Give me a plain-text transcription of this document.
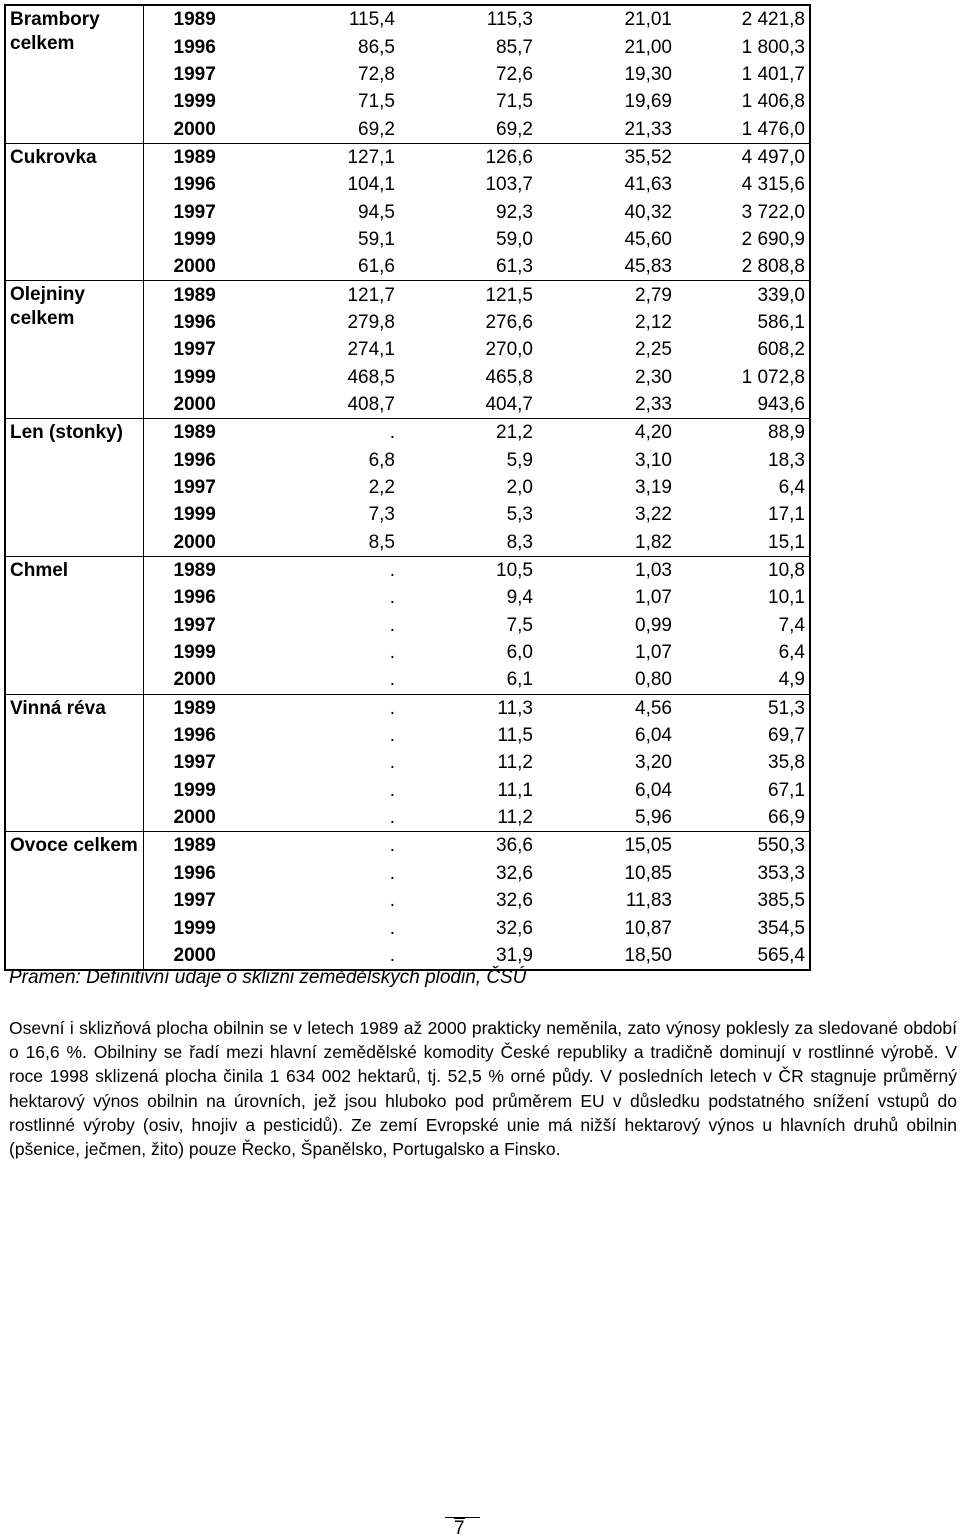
Brambory celkem	1989	115,4	115,3	21,01	2 421,8
	1996	86,5	85,7	21,00	1 800,3
	1997	72,8	72,6	19,30	1 401,7
	1999	71,5	71,5	19,69	1 406,8
	2000	69,2	69,2	21,33	1 476,0
Cukrovka	1989	127,1	126,6	35,52	4 497,0
	1996	104,1	103,7	41,63	4 315,6
	1997	94,5	92,3	40,32	3 722,0
	1999	59,1	59,0	45,60	2 690,9
	2000	61,6	61,3	45,83	2 808,8
Olejniny celkem	1989	121,7	121,5	2,79	339,0
	1996	279,8	276,6	2,12	586,1
	1997	274,1	270,0	2,25	608,2
	1999	468,5	465,8	2,30	1 072,8
	2000	408,7	404,7	2,33	943,6
Len (stonky)	1989	.	21,2	4,20	88,9
	1996	6,8	5,9	3,10	18,3
	1997	2,2	2,0	3,19	6,4
	1999	7,3	5,3	3,22	17,1
	2000	8,5	8,3	1,82	15,1
Chmel	1989	.	10,5	1,03	10,8
	1996	.	9,4	1,07	10,1
	1997	.	7,5	0,99	7,4
	1999	.	6,0	1,07	6,4
	2000	.	6,1	0,80	4,9
Vinná réva	1989	.	11,3	4,56	51,3
	1996	.	11,5	6,04	69,7
	1997	.	11,2	3,20	35,8
	1999	.	11,1	6,04	67,1
	2000	.	11,2	5,96	66,9
Ovoce celkem	1989	.	36,6	15,05	550,3
	1996	.	32,6	10,85	353,3
	1997	.	32,6	11,83	385,5
	1999	.	32,6	10,87	354,5
	2000	.	31,9	18,50	565,4
Pramen: Definitivní údaje o sklizni zemědělských plodin, ČSÚ

Osevní i sklizňová plocha obilnin se v letech 1989 až 2000 prakticky neměnila, zato výnosy poklesly za sledované období o 16,6 %. Obilniny se řadí mezi hlavní zemědělské komodity České republiky a tradičně dominují v rostlinné výrobě. V roce 1998 sklizená plocha činila 1 634 002 hektarů, tj. 52,5 % orné půdy. V posledních letech v ČR stagnuje průměrný hektarový výnos obilnin na úrovních, jež jsou hluboko pod průměrem EU v důsledku podstatného snížení vstupů do rostlinné výroby (osiv, hnojiv a pesticidů). Ze zemí Evropské unie má nižší hektarový výnos u hlavních druhů obilnin (pšenice, ječmen, žito) pouze Řecko, Španělsko, Portugalsko a Finsko.

7
